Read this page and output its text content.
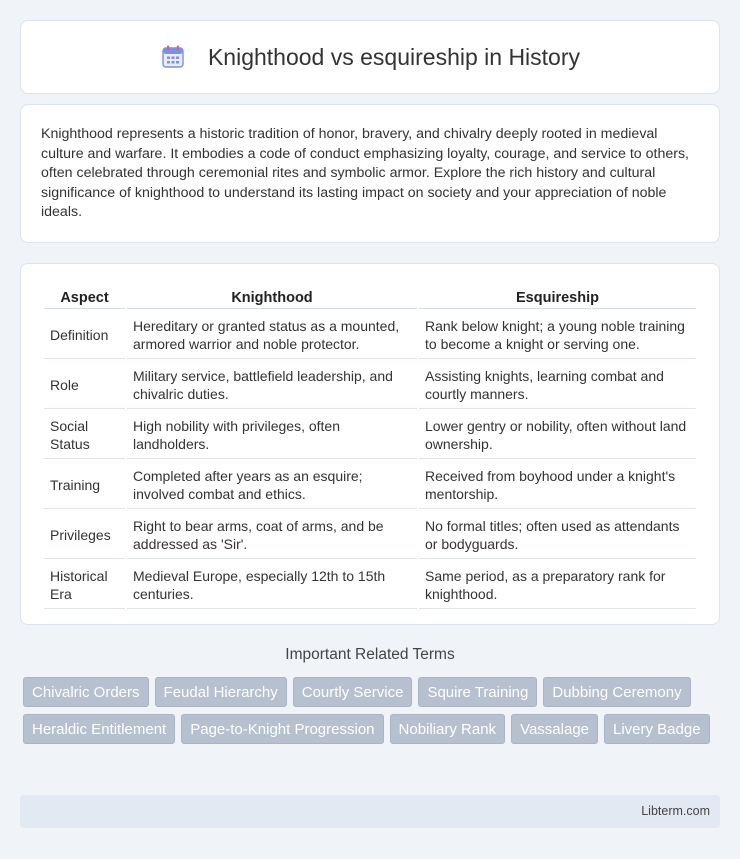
Knighthood vs esquireship in History

Knighthood represents a historic tradition of honor, bravery, and chivalry deeply rooted in medieval culture and warfare. It embodies a code of conduct emphasizing loyalty, courage, and service to others, often celebrated through ceremonial rites and symbolic armor. Explore the rich history and cultural significance of knighthood to understand its lasting impact on society and your appreciation of noble ideals.

Aspect	Knighthood	Esquireship
Definition	Hereditary or granted status as a mounted, armored warrior and noble protector.	Rank below knight; a young noble training to become a knight or serving one.
Role	Military service, battlefield leadership, and chivalric duties.	Assisting knights, learning combat and courtly manners.
Social Status	High nobility with privileges, often landholders.	Lower gentry or nobility, often without land ownership.
Training	Completed after years as an esquire; involved combat and ethics.	Received from boyhood under a knight's mentorship.
Privileges	Right to bear arms, coat of arms, and be addressed as 'Sir'.	No formal titles; often used as attendants or bodyguards.
Historical Era	Medieval Europe, especially 12th to 15th centuries.	Same period, as a preparatory rank for knighthood.
Important Related Terms
Chivalric Orders	Feudal Hierarchy	Courtly Service	Squire Training	Dubbing Ceremony
Heraldic Entitlement	Page-to-Knight Progression	Nobiliary Rank	Vassalage	Livery Badge
Libterm.com
